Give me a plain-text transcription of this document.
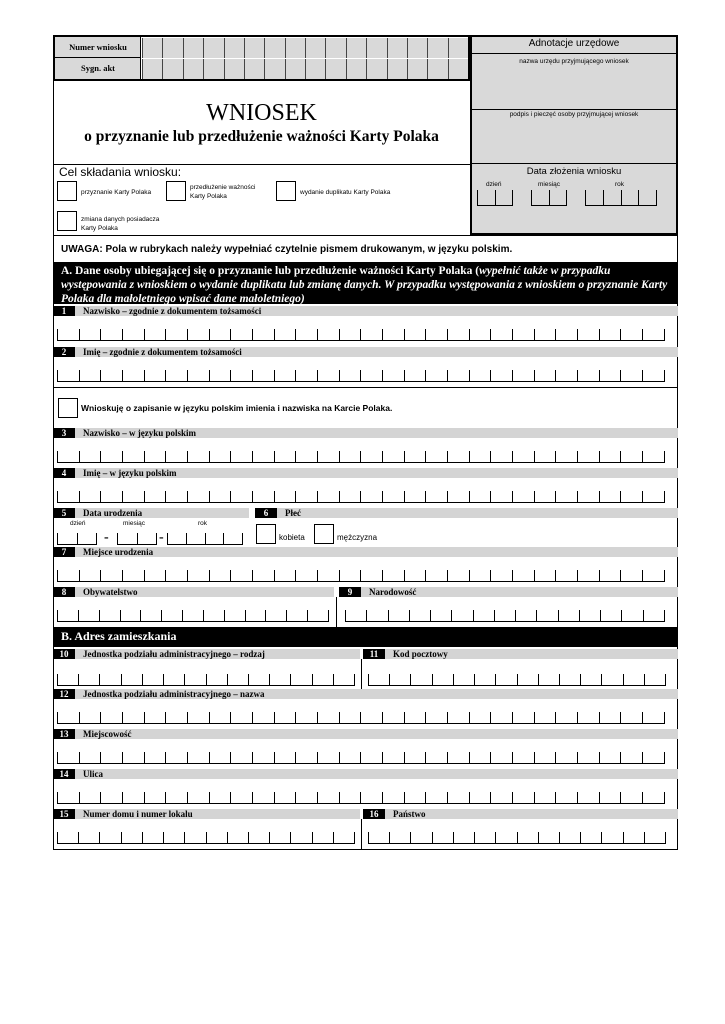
Numer wniosku
Sygn. akt
Adnotacje urzędowe
nazwa urzędu przyjmującego wniosek
podpis i pieczęć osoby przyjmującej wniosek
Data złożenia wniosku
dzień	miesiąc	rok
WNIOSEK
o przyznanie lub przedłużenie ważności Karty Polaka
Cel składania wniosku:
przyznanie Karty Polaka
przedłużenie ważności
Karty Polaka
wydanie duplikatu Karty Polaka
zmiana danych posiadacza
Karty Polaka
UWAGA: Pola w rubrykach należy wypełniać czytelnie pismem drukowanym, w języku polskim.
A. Dane osoby ubiegającej się o przyznanie lub przedłużenie ważności Karty Polaka (wypełnić także w przypadku występowania z wnioskiem o wydanie duplikatu lub zmianę danych. W przypadku występowania z wnioskiem o przyznanie Karty Polaka dla małoletniego wpisać dane małoletniego)
1 Nazwisko – zgodnie z dokumentem tożsamości
2 Imię – zgodnie z dokumentem tożsamości
Wnioskuję o zapisanie w języku polskim imienia i nazwiska na Karcie Polaka.
3 Nazwisko – w języku polskim
4 Imię – w języku polskim
5 Data urodzenia	6 Płeć
dzień	miesiąc	rok
-	-	kobieta	mężczyzna
7 Miejsce urodzenia
8 Obywatelstwo	9 Narodowość
B. Adres zamieszkania
10 Jednostka podziału administracyjnego – rodzaj	11 Kod pocztowy
12 Jednostka podziału administracyjnego – nazwa
13 Miejscowość
14 Ulica
15 Numer domu i numer lokalu	16 Państwo
